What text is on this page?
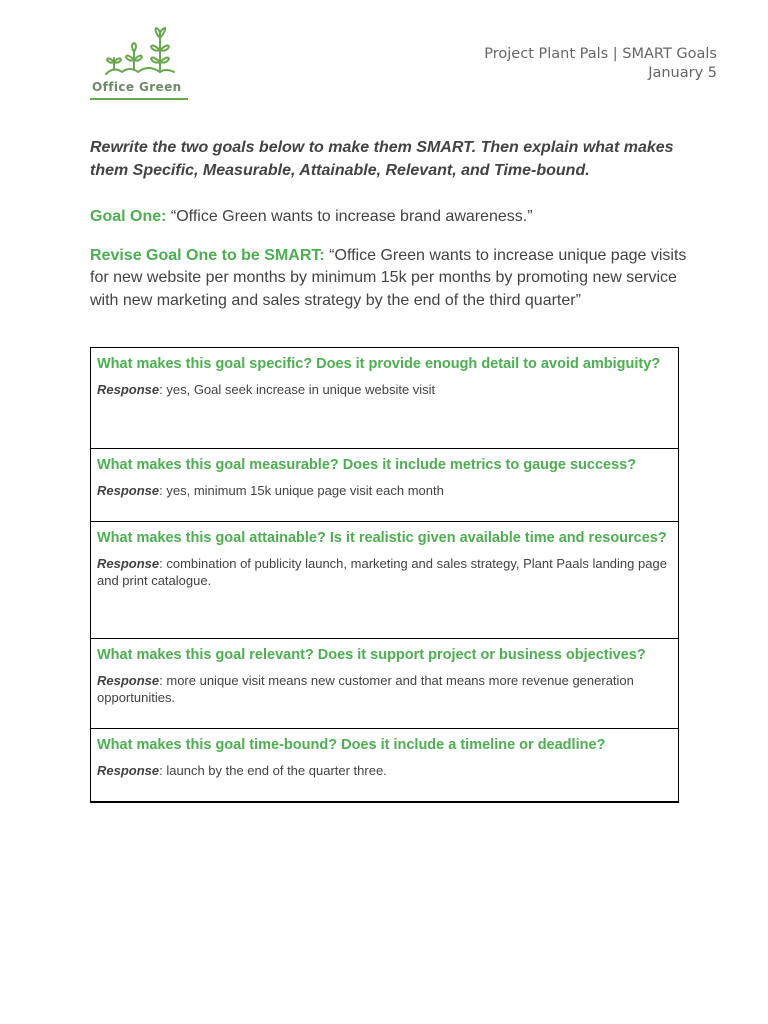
Office Green
Project Plant Pals | SMART Goals
January 5
Rewrite the two goals below to make them SMART. Then explain what makes them Specific, Measurable, Attainable, Relevant, and Time-bound.
Goal One: “Office Green wants to increase brand awareness.”
Revise Goal One to be SMART: “Office Green wants to increase unique page visits for new website per months by minimum 15k per months by promoting new service with new marketing and sales strategy by the end of the third quarter”
What makes this goal specific? Does it provide enough detail to avoid ambiguity?
Response: yes, Goal seek increase in unique website visit
What makes this goal measurable? Does it include metrics to gauge success?
Response: yes, minimum 15k unique page visit each month
What makes this goal attainable? Is it realistic given available time and resources?
Response: combination of publicity launch, marketing and sales strategy, Plant Paals landing page and print catalogue.
What makes this goal relevant? Does it support project or business objectives?
Response: more unique visit means new customer and that means more revenue generation opportunities.
What makes this goal time-bound? Does it include a timeline or deadline?
Response: launch by the end of the quarter three.
